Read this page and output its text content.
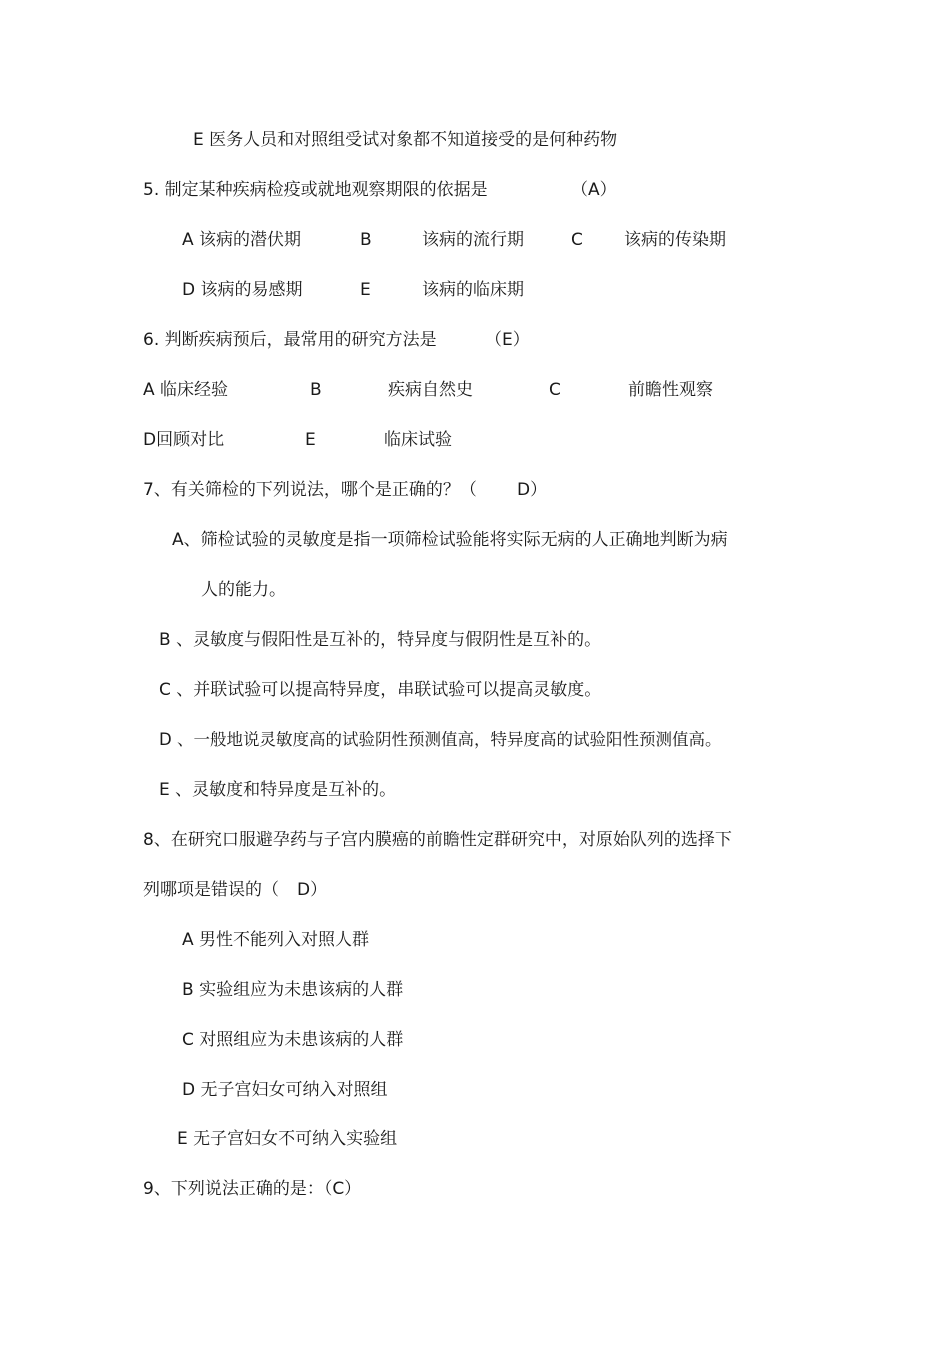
E 医务人员和对照组受试对象都不知道接受的是何种药物
5. 制定某种疾病检疫或就地观察期限的依据是	（A）
A 该病的潜伏期	B	该病的流行期	C 该病的传染期
D 该病的易感期	E	该病的临床期
6. 判断疾病预后，最常用的研究方法是	（E）
A 临床经验	B	疾病自然史	C	前瞻性观察
D回顾对比	E	临床试验
7、有关筛检的下列说法，哪个是正确的？（ D）
A、筛检试验的灵敏度是指一项筛检试验能将实际无病的人正确地判断为病
人的能力。
B 、灵敏度与假阳性是互补的，特异度与假阴性是互补的。
C 、并联试验可以提高特异度，串联试验可以提高灵敏度。
D 、一般地说灵敏度高的试验阴性预测值高，特异度高的试验阳性预测值高。
E 、灵敏度和特异度是互补的。
8、在研究口服避孕药与子宫内膜癌的前瞻性定群研究中，对原始队列的选择下
列哪项是错误的（ D）
A 男性不能列入对照人群
B 实验组应为未患该病的人群
C 对照组应为未患该病的人群
D 无子宫妇女可纳入对照组
E 无子宫妇女不可纳入实验组
9、下列说法正确的是：（C）
